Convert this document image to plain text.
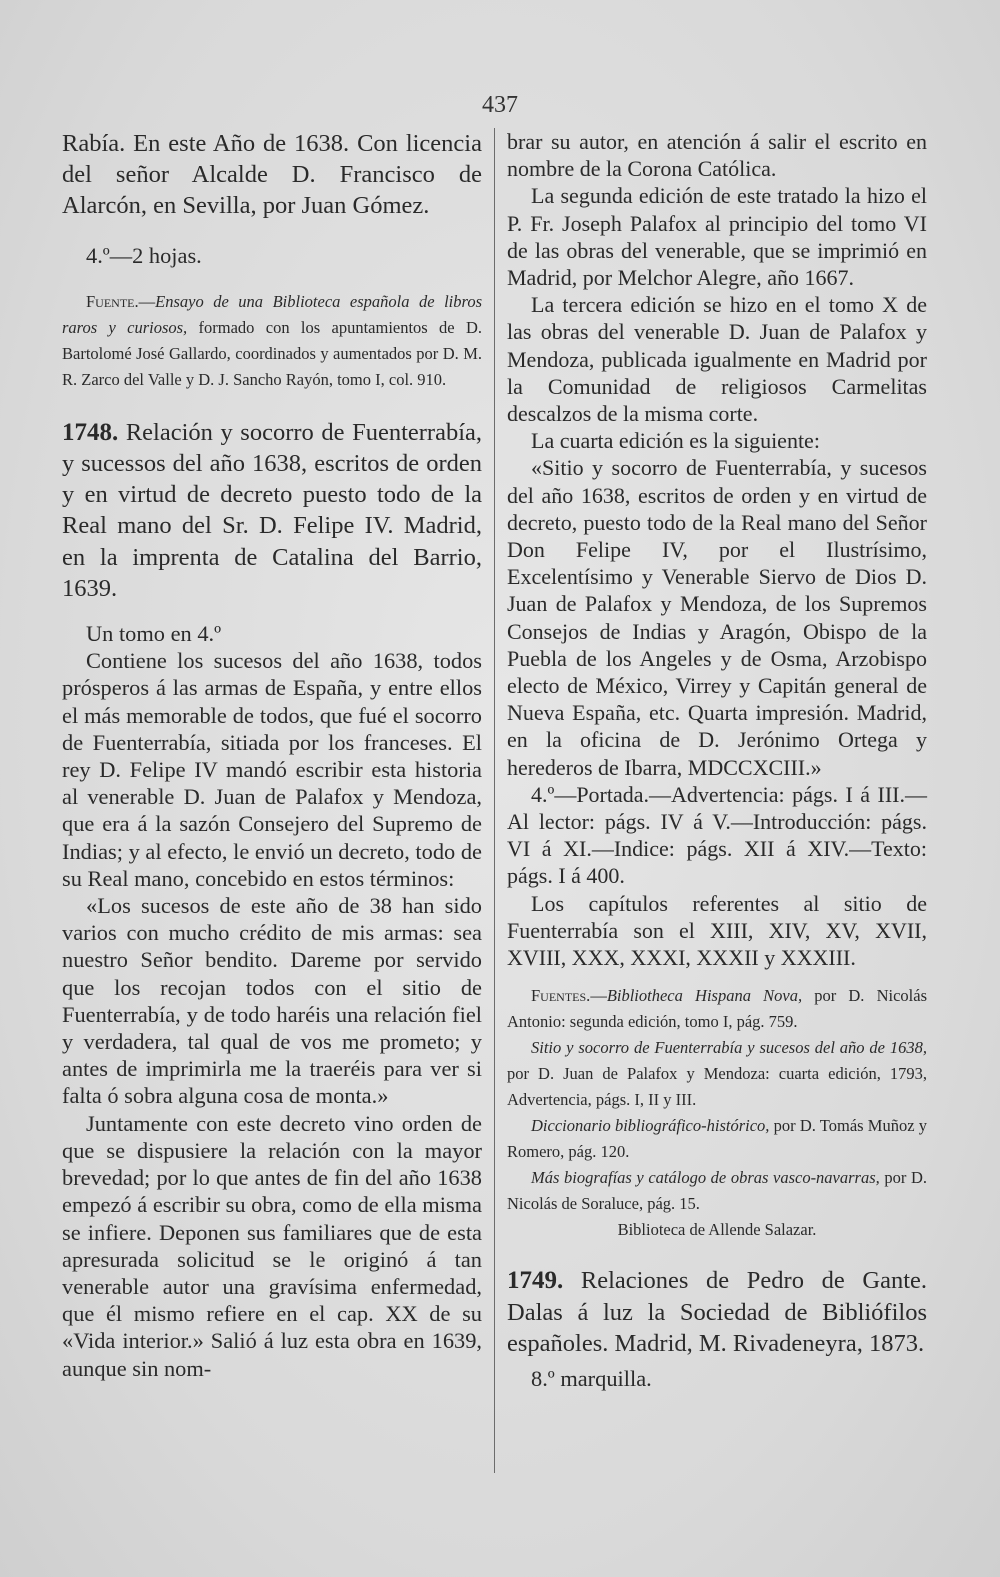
437

Rabía. En este Año de 1638. Con licencia del señor Alcalde D. Francisco de Alarcón, en Sevilla, por Juan Gómez.

4.º—2 hojas.

Fuente.—Ensayo de una Biblioteca española de libros raros y curiosos, formado con los apuntamientos de D. Bartolomé José Gallardo, coordinados y aumentados por D. M. R. Zarco del Valle y D. J. Sancho Rayón, tomo I, col. 910.

1748. Relación y socorro de Fuenterrabía, y sucessos del año 1638, escritos de orden y en virtud de decreto puesto todo de la Real mano del Sr. D. Felipe IV. Madrid, en la imprenta de Catalina del Barrio, 1639.

Un tomo en 4.º

Contiene los sucesos del año 1638, todos prósperos á las armas de España, y entre ellos el más memorable de todos, que fué el socorro de Fuenterrabía, sitiada por los franceses. El rey D. Felipe IV mandó escribir esta historia al venerable D. Juan de Palafox y Mendoza, que era á la sazón Consejero del Supremo de Indias; y al efecto, le envió un decreto, todo de su Real mano, concebido en estos términos:

«Los sucesos de este año de 38 han sido varios con mucho crédito de mis armas: sea nuestro Señor bendito. Dareme por servido que los recojan todos con el sitio de Fuenterrabía, y de todo haréis una relación fiel y verdadera, tal qual de vos me prometo; y antes de imprimirla me la traeréis para ver si falta ó sobra alguna cosa de monta.»

Juntamente con este decreto vino orden de que se dispusiere la relación con la mayor brevedad; por lo que antes de fin del año 1638 empezó á escribir su obra, como de ella misma se infiere. Deponen sus familiares que de esta apresurada solicitud se le originó á tan venerable autor una gravísima enfermedad, que él mismo refiere en el cap. XX de su «Vida interior.» Salió á luz esta obra en 1639, aunque sin nom-

brar su autor, en atención á salir el escrito en nombre de la Corona Católica.

La segunda edición de este tratado la hizo el P. Fr. Joseph Palafox al principio del tomo VI de las obras del venerable, que se imprimió en Madrid, por Melchor Alegre, año 1667.

La tercera edición se hizo en el tomo X de las obras del venerable D. Juan de Palafox y Mendoza, publicada igualmente en Madrid por la Comunidad de religiosos Carmelitas descalzos de la misma corte.

La cuarta edición es la siguiente:

«Sitio y socorro de Fuenterrabía, y sucesos del año 1638, escritos de orden y en virtud de decreto, puesto todo de la Real mano del Señor Don Felipe IV, por el Ilustrísimo, Excelentísimo y Venerable Siervo de Dios D. Juan de Palafox y Mendoza, de los Supremos Consejos de Indias y Aragón, Obispo de la Puebla de los Angeles y de Osma, Arzobispo electo de México, Virrey y Capitán general de Nueva España, etc. Quarta impresión. Madrid, en la oficina de D. Jerónimo Ortega y herederos de Ibarra, MDCCXCIII.»

4.º—Portada.—Advertencia: págs. I á III.—Al lector: págs. IV á V.—Introducción: págs. VI á XI.—Indice: págs. XII á XIV.—Texto: págs. I á 400.

Los capítulos referentes al sitio de Fuenterrabía son el XIII, XIV, XV, XVII, XVIII, XXX, XXXI, XXXII y XXXIII.

Fuentes.—Bibliotheca Hispana Nova, por D. Nicolás Antonio: segunda edición, tomo I, pág. 759.

Sitio y socorro de Fuenterrabía y sucesos del año de 1638, por D. Juan de Palafox y Mendoza: cuarta edición, 1793, Advertencia, págs. I, II y III.

Diccionario bibliográfico-histórico, por D. Tomás Muñoz y Romero, pág. 120.

Más biografías y catálogo de obras vasco-navarras, por D. Nicolás de Soraluce, pág. 15.

Biblioteca de Allende Salazar.

1749. Relaciones de Pedro de Gante. Dalas á luz la Sociedad de Bibliófilos españoles. Madrid, M. Rivadeneyra, 1873.

8.º marquilla.
